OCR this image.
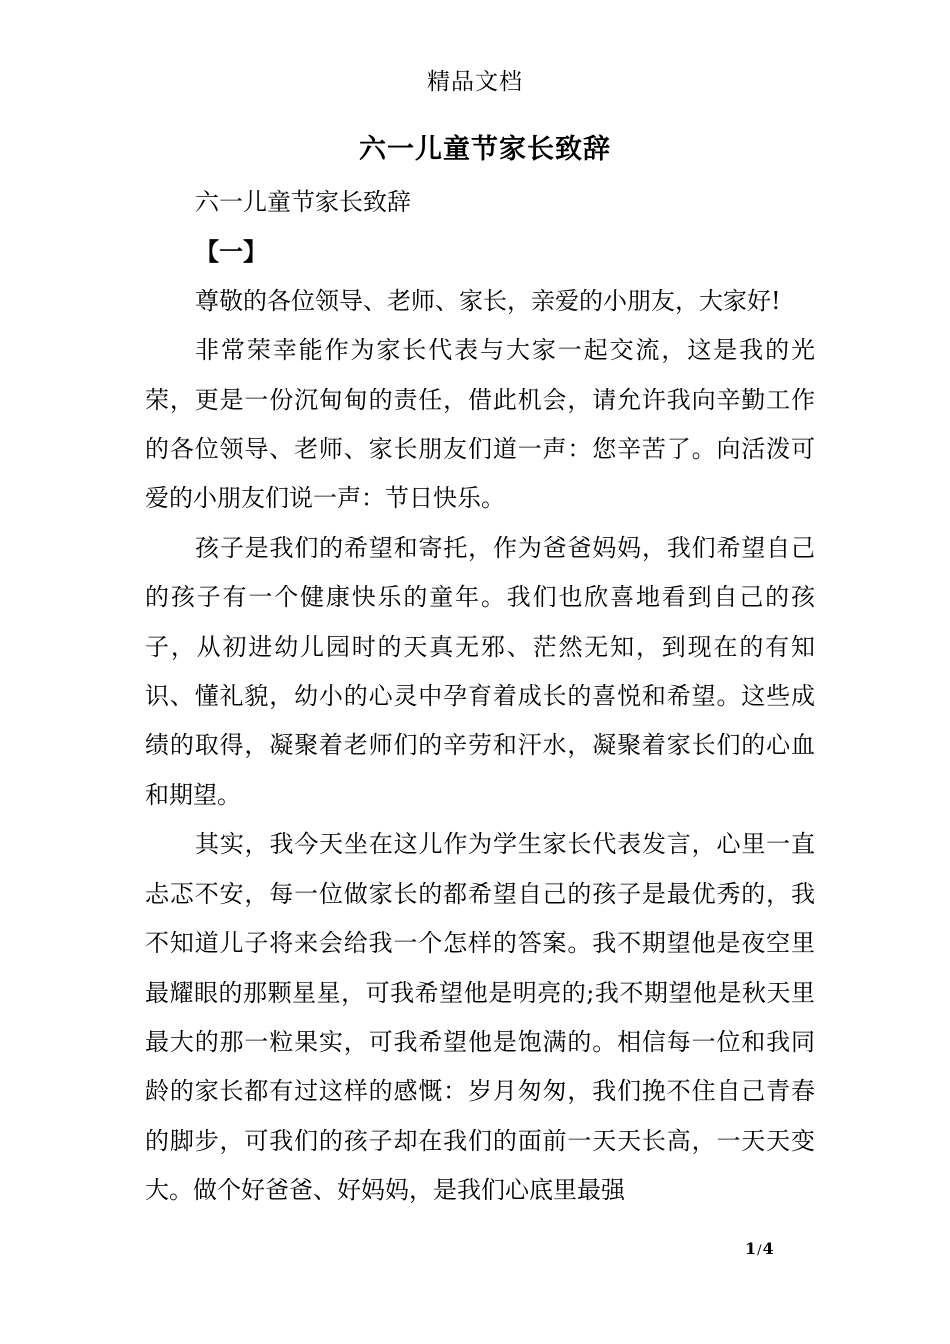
精品文档
六一儿童节家长致辞

六一儿童节家长致辞

【一】

尊敬的各位领导、老师、家长，亲爱的小朋友，大家好!

非常荣幸能作为家长代表与大家一起交流，这是我的光荣，更是一份沉甸甸的责任，借此机会，请允许我向辛勤工作的各位领导、老师、家长朋友们道一声：您辛苦了。向活泼可爱的小朋友们说一声：节日快乐。

孩子是我们的希望和寄托，作为爸爸妈妈，我们希望自己的孩子有一个健康快乐的童年。我们也欣喜地看到自己的孩子，从初进幼儿园时的天真无邪、茫然无知，到现在的有知识、懂礼貌，幼小的心灵中孕育着成长的喜悦和希望。这些成绩的取得，凝聚着老师们的辛劳和汗水，凝聚着家长们的心血和期望。

其实，我今天坐在这儿作为学生家长代表发言，心里一直忐忑不安，每一位做家长的都希望自己的孩子是最优秀的，我不知道儿子将来会给我一个怎样的答案。我不期望他是夜空里最耀眼的那颗星星，可我希望他是明亮的;我不期望他是秋天里最大的那一粒果实，可我希望他是饱满的。相信每一位和我同龄的家长都有过这样的感慨：岁月匆匆，我们挽不住自己青春的脚步，可我们的孩子却在我们的面前一天天长高，一天天变大。做个好爸爸、好妈妈，是我们心底里最强

1/4
